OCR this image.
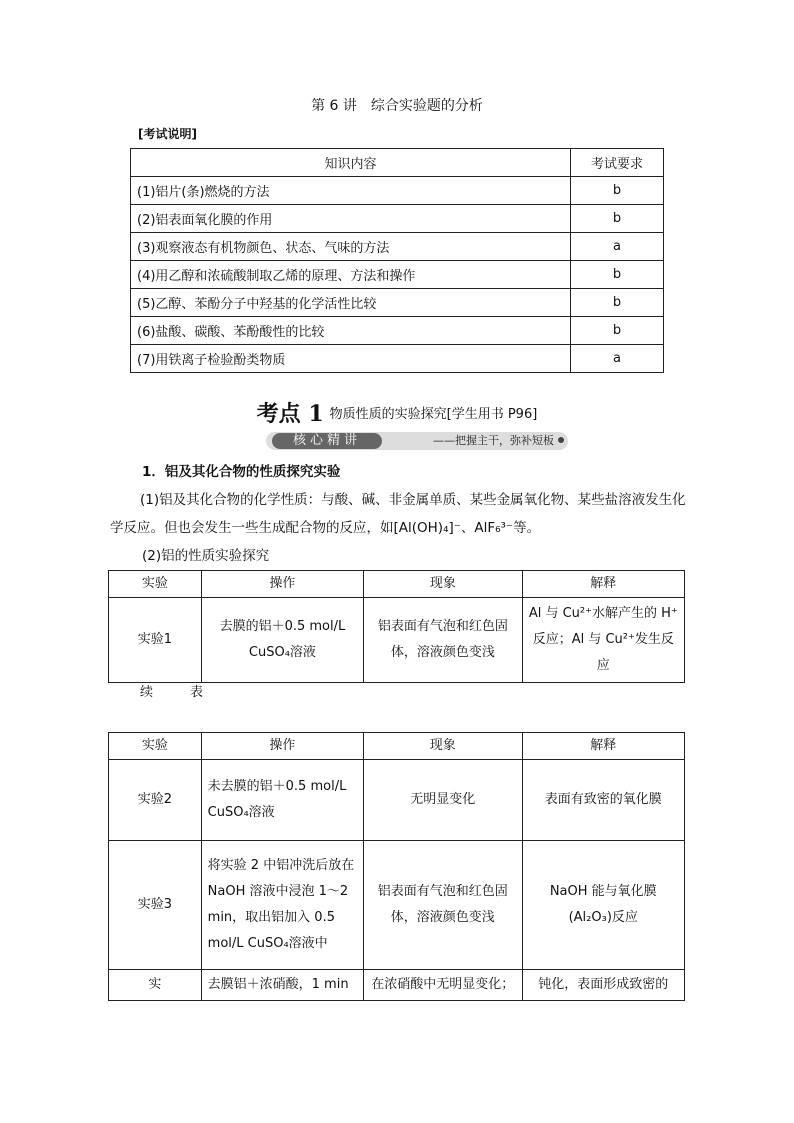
第 6 讲　综合实验题的分析
[考试说明]
知识内容	考试要求
(1)铝片(条)燃烧的方法	b
(2)铝表面氧化膜的作用	b
(3)观察液态有机物颜色、状态、气味的方法	a
(4)用乙醇和浓硫酸制取乙烯的原理、方法和操作	b
(5)乙醇、苯酚分子中羟基的化学活性比较	b
(6)盐酸、碳酸、苯酚酸性的比较	b
(7)用铁离子检验酚类物质	a
考点 1 物质性质的实验探究[学生用书 P96]
核心精讲	——把握主干，弥补短板
1．铝及其化合物的性质探究实验
(1)铝及其化合物的化学性质：与酸、碱、非金属单质、某些金属氧化物、某些盐溶液发生化学反应。但也会发生一些生成配合物的反应，如[Al(OH)₄]⁻、AlF₆³⁻等。
(2)铝的性质实验探究
实验	操作	现象	解释
实验1	去膜的铝＋0.5 mol/L CuSO₄溶液	铝表面有气泡和红色固体，溶液颜色变浅	Al 与 Cu²⁺水解产生的 H⁺反应；Al 与 Cu²⁺发生反应
续　表
实验	操作	现象	解释
实验2	未去膜的铝＋0.5 mol/L CuSO₄溶液	无明显变化	表面有致密的氧化膜
实验3	将实验 2 中铝冲洗后放在 NaOH 溶液中浸泡 1～2 min，取出铝加入 0.5 mol/L CuSO₄溶液中	铝表面有气泡和红色固体，溶液颜色变浅	NaOH 能与氧化膜(Al₂O₃)反应
实	去膜铝＋浓硝酸，1 min	在浓硝酸中无明显变化；	钝化，表面形成致密的
